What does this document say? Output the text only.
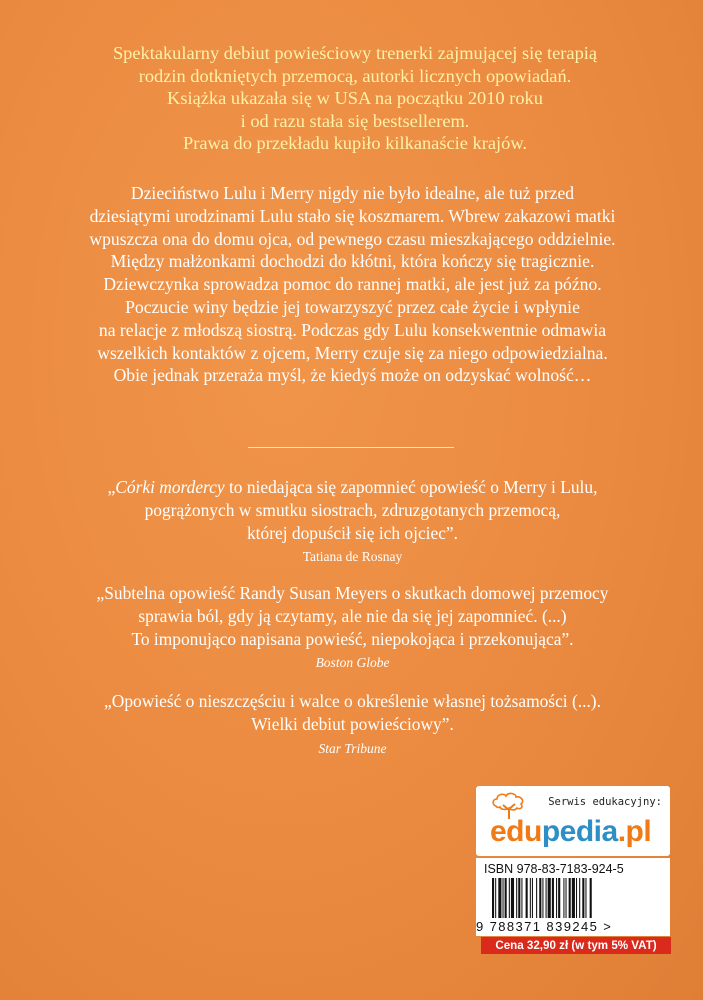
Spektakularny debiut powieściowy trenerki zajmującej się terapią
rodzin dotkniętych przemocą, autorki licznych opowiadań.
Książka ukazała się w USA na początku 2010 roku
i od razu stała się bestsellerem.
Prawa do przekładu kupiło kilkanaście krajów.
Dzieciństwo Lulu i Merry nigdy nie było idealne, ale tuż przed
dziesiątymi urodzinami Lulu stało się koszmarem. Wbrew zakazowi matki
wpuszcza ona do domu ojca, od pewnego czasu mieszkającego oddzielnie.
Między małżonkami dochodzi do kłótni, która kończy się tragicznie.
Dziewczynka sprowadza pomoc do rannej matki, ale jest już za późno.
Poczucie winy będzie jej towarzyszyć przez całe życie i wpłynie
na relacje z młodszą siostrą. Podczas gdy Lulu konsekwentnie odmawia
wszelkich kontaktów z ojcem, Merry czuje się za niego odpowiedzialna.
Obie jednak przeraża myśl, że kiedyś może on odzyskać wolność…
„Córki mordercy to niedająca się zapomnieć opowieść o Merry i Lulu,
pogrążonych w smutku siostrach, zdruzgotanych przemocą,
której dopuścił się ich ojciec”.
Tatiana de Rosnay
„Subtelna opowieść Randy Susan Meyers o skutkach domowej przemocy
sprawia ból, gdy ją czytamy, ale nie da się jej zapomnieć. (...)
To imponująco napisana powieść, niepokojąca i przekonująca”.
Boston Globe
„Opowieść o nieszczęściu i walce o określenie własnej tożsamości (...).
Wielki debiut powieściowy”.
Star Tribune
Serwis edukacyjny:
edupedia.pl
ISBN 978-83-7183-924-5
9 788371 839245 >
Cena 32,90 zł (w tym 5% VAT)
